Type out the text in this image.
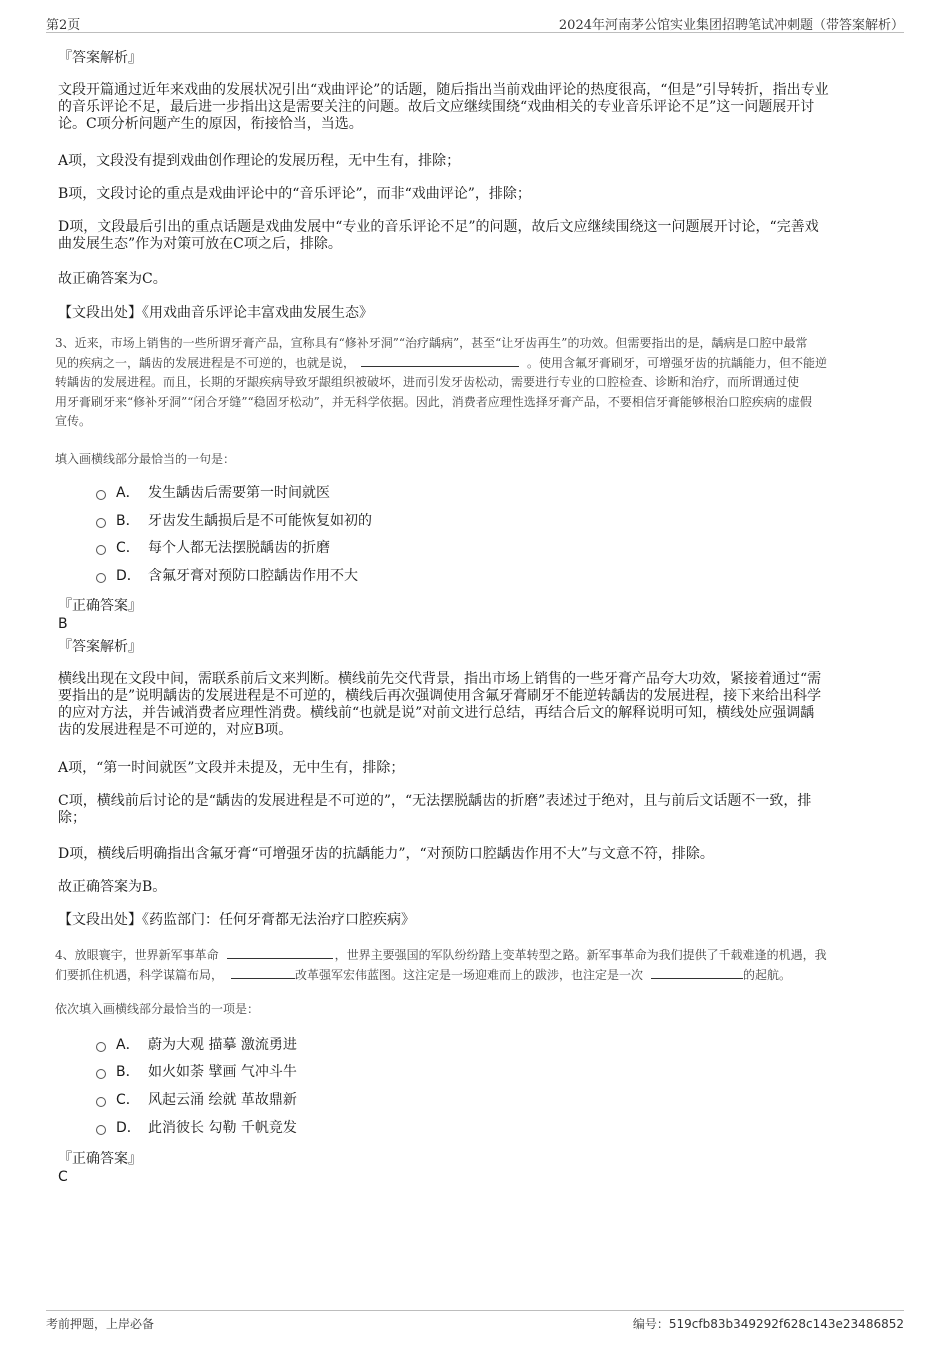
第2页	2024年河南茅公馆实业集团招聘笔试冲刺题（带答案解析）
『答案解析』
文段开篇通过近年来戏曲的发展状况引出“戏曲评论”的话题，随后指出当前戏曲评论的热度很高，“但是”引导转折，指出专业
的音乐评论不足，最后进一步指出这是需要关注的问题。故后文应继续围绕“戏曲相关的专业音乐评论不足”这一问题展开讨
论。C项分析问题产生的原因，衔接恰当，当选。
A项，文段没有提到戏曲创作理论的发展历程，无中生有，排除；
B项，文段讨论的重点是戏曲评论中的“音乐评论”，而非“戏曲评论”，排除；
D项，文段最后引出的重点话题是戏曲发展中“专业的音乐评论不足”的问题，故后文应继续围绕这一问题展开讨论，“完善戏
曲发展生态”作为对策可放在C项之后，排除。
故正确答案为C。
【文段出处】《用戏曲音乐评论丰富戏曲发展生态》
3、近来，市场上销售的一些所谓牙膏产品，宣称具有“修补牙洞”“治疗龋病”，甚至“让牙齿再生”的功效。但需要指出的是，龋病是口腔中最常
见的疾病之一，龋齿的发展进程是不可逆的，也就是说，	。使用含氟牙膏刷牙，可增强牙齿的抗龋能力，但不能逆
转龋齿的发展进程。而且，长期的牙龈疾病导致牙龈组织被破坏，进而引发牙齿松动，需要进行专业的口腔检查、诊断和治疗，而所谓通过使
用牙膏刷牙来“修补牙洞”“闭合牙缝”“稳固牙松动”，并无科学依据。因此，消费者应理性选择牙膏产品，不要相信牙膏能够根治口腔疾病的虚假
宣传。
填入画横线部分最恰当的一句是：
A． 发生龋齿后需要第一时间就医
B． 牙齿发生龋损后是不可能恢复如初的
C． 每个人都无法摆脱龋齿的折磨
D． 含氟牙膏对预防口腔龋齿作用不大
『正确答案』
B
『答案解析』
横线出现在文段中间，需联系前后文来判断。横线前先交代背景，指出市场上销售的一些牙膏产品夸大功效，紧接着通过“需
要指出的是”说明龋齿的发展进程是不可逆的，横线后再次强调使用含氟牙膏刷牙不能逆转龋齿的发展进程，接下来给出科学
的应对方法，并告诫消费者应理性消费。横线前“也就是说”对前文进行总结，再结合后文的解释说明可知，横线处应强调龋
齿的发展进程是不可逆的，对应B项。
A项，“第一时间就医”文段并未提及，无中生有，排除；
C项，横线前后讨论的是“龋齿的发展进程是不可逆的”，“无法摆脱龋齿的折磨”表述过于绝对，且与前后文话题不一致，排
除；
D项，横线后明确指出含氟牙膏“可增强牙齿的抗龋能力”，“对预防口腔龋齿作用不大”与文意不符，排除。
故正确答案为B。
【文段出处】《药监部门：任何牙膏都无法治疗口腔疾病》
4、放眼寰宇，世界新军事革命	，世界主要强国的军队纷纷踏上变革转型之路。新军事革命为我们提供了千载难逢的机遇，我
们要抓住机遇，科学谋篇布局，	改革强军宏伟蓝图。这注定是一场迎难而上的跋涉，也注定是一次	的起航。
依次填入画横线部分最恰当的一项是：
A． 蔚为大观 描摹 激流勇进
B． 如火如荼 擘画 气冲斗牛
C． 风起云涌 绘就 革故鼎新
D． 此消彼长 勾勒 千帆竞发
『正确答案』
C
考前押题，上岸必备	编号：519cfb83b349292f628c143e23486852
